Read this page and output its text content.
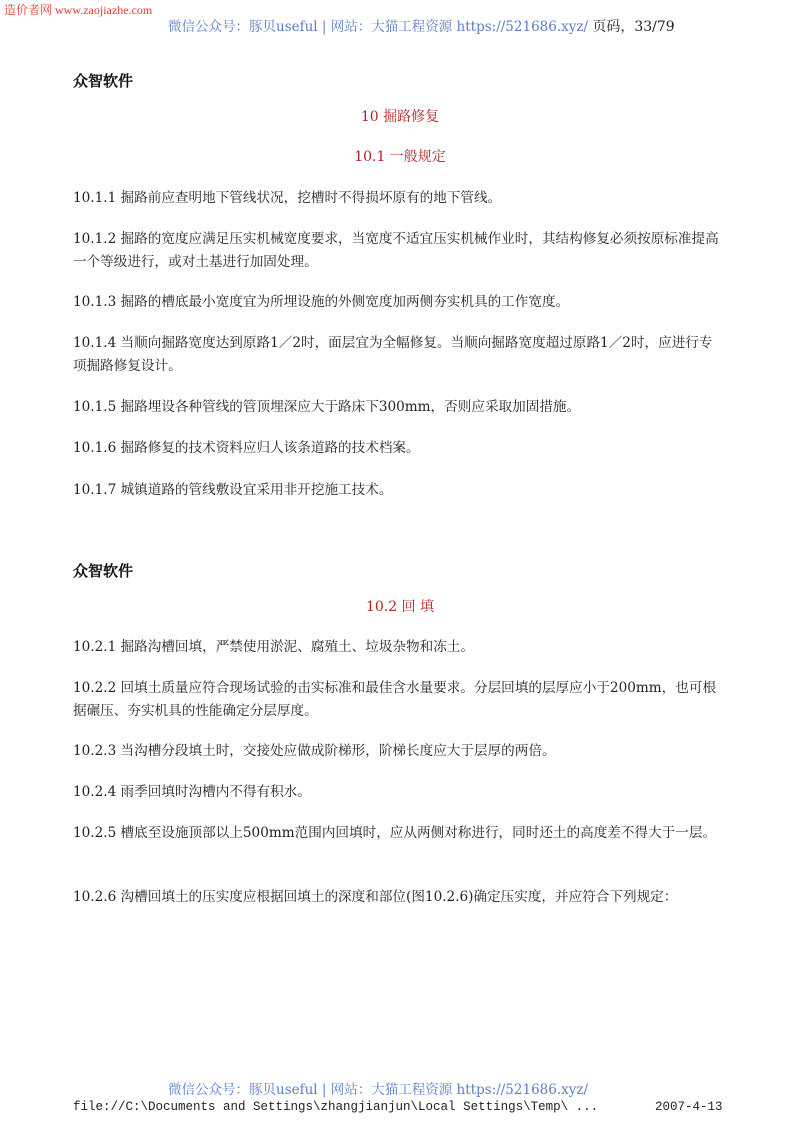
造价者网 www.zaojiazhe.com
微信公众号：豚贝useful | 网站：大猫工程资源 https://521686.xyz/ 页码，33/79
众智软件
10 掘路修复
10.1 一般规定
10.1.1 掘路前应查明地下管线状况，挖槽时不得损坏原有的地下管线。
10.1.2 掘路的宽度应满足压实机械宽度要求，当宽度不适宜压实机械作业时，其结构修复必须按原标准提高一个等级进行，或对土基进行加固处理。
10.1.3 掘路的槽底最小宽度宜为所埋设施的外侧宽度加两侧夯实机具的工作宽度。
10.1.4 当顺向掘路宽度达到原路1／2时，面层宜为全幅修复。当顺向掘路宽度超过原路1／2时，应进行专项掘路修复设计。
10.1.5 掘路埋设各种管线的管顶埋深应大于路床下300mm，否则应采取加固措施。
10.1.6 掘路修复的技术资料应归人该条道路的技术档案。
10.1.7 城镇道路的管线敷设宜采用非开挖施工技术。
众智软件
10.2 回 填
10.2.1 掘路沟槽回填，严禁使用淤泥、腐殖土、垃圾杂物和冻土。
10.2.2 回填土质量应符合现场试验的击实标准和最佳含水量要求。分层回填的层厚应小于200mm，也可根据碾压、夯实机具的性能确定分层厚度。
10.2.3 当沟槽分段填土时，交接处应做成阶梯形，阶梯长度应大于层厚的两倍。
10.2.4 雨季回填时沟槽内不得有积水。
10.2.5 槽底至设施顶部以上500mm范围内回填时，应从两侧对称进行，同时还土的高度差不得大于一层。
10.2.6 沟槽回填土的压实度应根据回填土的深度和部位(图10.2.6)确定压实度，并应符合下列规定：
微信公众号：豚贝useful | 网站：大猫工程资源 https://521686.xyz/
file://C:\Documents and Settings\zhangjianjun\Local Settings\Temp\ ...	2007-4-13
